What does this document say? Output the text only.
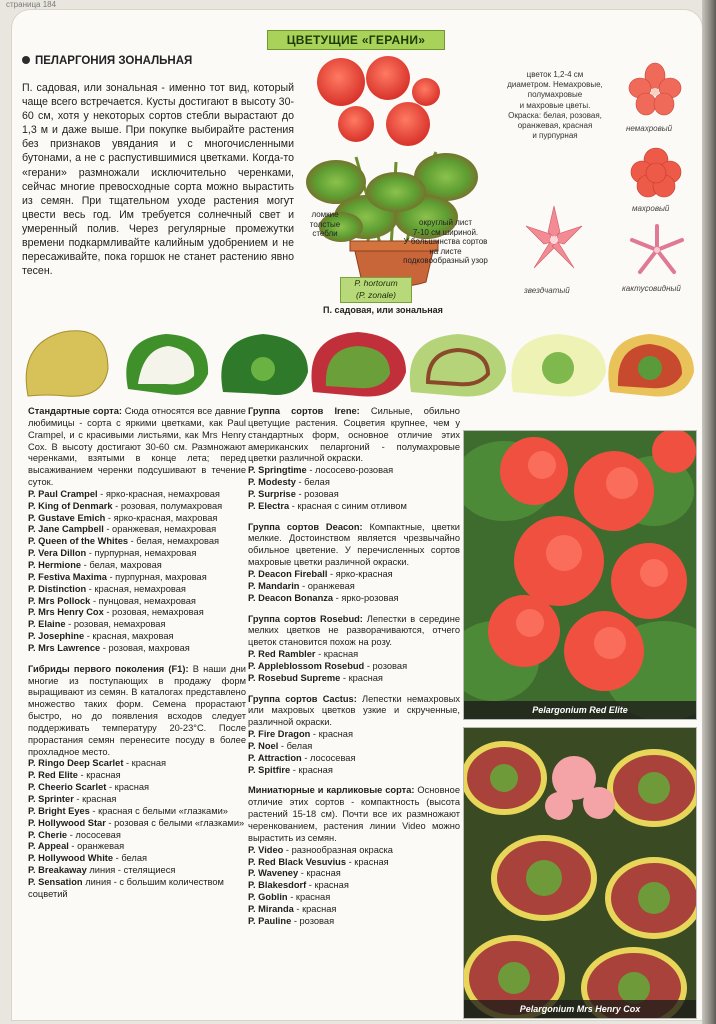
страница 184
ЦВЕТУЩИЕ «ГЕРАНИ»
ПЕЛАРГОНИЯ ЗОНАЛЬНАЯ
П. садовая, или зональная - именно тот вид, который чаще всего встречается. Кусты достигают в высоту 30-60 см, хотя у некоторых сортов стебли вырастают до 1,3 м и даже выше. При покупке выбирайте растения без признаков увядания и с многочисленными бутонами, а не с распустившимися цветками. Когда-то «герани» размножали исключительно черенками, сейчас многие превосходные сорта можно вырастить из семян. При тщательном уходе растения могут цвести весь год. Им требуется солнечный свет и умеренный полив. Через регулярные промежутки времени подкармливайте калийным удобрением и не пересаживайте, пока горшок не станет растению явно тесен.
ломкие
толстые
стебли
округлый лист
7-10 см шириной.
У большинства сортов
на листе
подковообразный узор
P. hortorum
(P. zonale)
П. садовая, или зональная
цветок 1,2-4 см
диаметром. Немахровые,
полумахровые
и махровые цветы.
Окраска: белая, розовая,
оранжевая, красная
и пурпурная
немахровый
махровый
звездчатый	кактусовидный

Стандартные сорта: Сюда относятся все давние любимицы - сорта с яркими цветками, как Paul Crampel, и с красивыми листьями, как Mrs Henry Cox. В высоту достигают 30-60 см. Размножают черенками, взятыми в конце лета; перед высаживанием черенки подсушивают в течение суток.

P. Paul Crampel - ярко-красная, немахровая

P. King of Denmark - розовая, полумахровая

P. Gustave Emich - ярко-красная, махровая

P. Jane Campbell - оранжевая, немахровая

P. Queen of the Whites - белая, немахровая

P. Vera Dillon - пурпурная, немахровая

P. Hermione - белая, махровая

P. Festiva Maxima - пурпурная, махровая

P. Distinction - красная, немахровая

P. Mrs Pollock - пунцовая, немахровая

P. Mrs Henry Cox - розовая, немахровая

P. Elaine - розовая, немахровая

P. Josephine - красная, махровая

P. Mrs Lawrence - розовая, махровая

Гибриды первого поколения (F1): В наши дни многие из поступающих в продажу форм выращивают из семян. В каталогах представлено множество таких форм. Семена прорастают быстро, но до появления всходов следует поддерживать температуру 20-23°С. После прорастания семян перенесите посуду в более прохладное место.

P. Ringo Deep Scarlet - красная

P. Red Elite - красная

P. Cheerio Scarlet - красная

P. Sprinter - красная

P. Bright Eyes - красная с белыми «глазками»

P. Hollywood Star - розовая с белыми «глазками»

P. Cherie - лососевая

P. Appeal - оранжевая

P. Hollywood White - белая

P. Breakaway линия - стелящиеся

P. Sensation линия - с большим количеством соцветий

Группа сортов Irene: Сильные, обильно цветущие растения. Соцветия крупнее, чем у стандартных форм, основное отличие этих американских пеларгоний - полумахровые цветки различной окраски.

P. Springtime - лососево-розовая

P. Modesty - белая

P. Surprise - розовая

P. Electra - красная с синим отливом

Группа сортов Deacon: Компактные, цветки мелкие. Достоинством является чрезвычайно обильное цветение. У перечисленных сортов махровые цветки различной окраски.

P. Deacon Fireball - ярко-красная

P. Mandarin - оранжевая

P. Deacon Bonanza - ярко-розовая

Группа сортов Rosebud: Лепестки в середине мелких цветков не разворачиваются, отчего цветок становится похож на розу.

P. Red Rambler - красная

P. Appleblossom Rosebud - розовая

P. Rosebud Supreme - красная

Группа сортов Cactus: Лепестки немахровых или махровых цветков узкие и скрученные, различной окраски.

P. Fire Dragon - красная

P. Noel - белая

P. Attraction - лососевая

P. Spitfire - красная

Миниатюрные и карликовые сорта: Основное отличие этих сортов - компактность (высота растений 15-18 см). Почти все их размножают черенкованием, растения линии Video можно вырастить из семян.

P. Video - разнообразная окраска

P. Red Black Vesuvius - красная

P. Waveney - красная

P. Blakesdorf - красная

P. Goblin - красная

P. Miranda - красная

P. Pauline - розовая

Pelargonium Red Elite
Pelargonium Mrs Henry Cox
